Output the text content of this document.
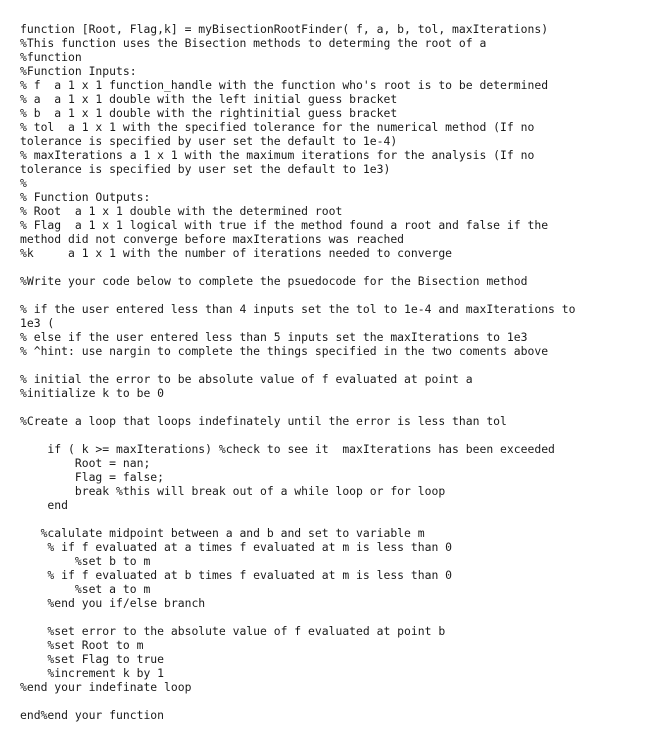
function [Root, Flag,k] = myBisectionRootFinder( f, a, b, tol, maxIterations)
%This function uses the Bisection methods to determing the root of a
%function
%Function Inputs:
% f  a 1 x 1 function_handle with the function who's root is to be determined
% a  a 1 x 1 double with the left initial guess bracket
% b  a 1 x 1 double with the rightinitial guess bracket
% tol  a 1 x 1 with the specified tolerance for the numerical method (If no
tolerance is specified by user set the default to 1e-4)
% maxIterations a 1 x 1 with the maximum iterations for the analysis (If no
tolerance is specified by user set the default to 1e3)
%
% Function Outputs:
% Root  a 1 x 1 double with the determined root
% Flag  a 1 x 1 logical with true if the method found a root and false if the
method did not converge before maxIterations was reached
%k     a 1 x 1 with the number of iterations needed to converge
%Write your code below to complete the psuedocode for the Bisection method
% if the user entered less than 4 inputs set the tol to 1e-4 and maxIterations to
1e3 (
% else if the user entered less than 5 inputs set the maxIterations to 1e3
% ^hint: use nargin to complete the things specified in the two coments above
% initial the error to be absolute value of f evaluated at point a
%initialize k to be 0
%Create a loop that loops indefinately until the error is less than tol
if ( k >= maxIterations) %check to see it  maxIterations has been exceeded
Root = nan;
Flag = false;
break %this will break out of a while loop or for loop
end
%calulate midpoint between a and b and set to variable m
% if f evaluated at a times f evaluated at m is less than 0
%set b to m
% if f evaluated at b times f evaluated at m is less than 0
%set a to m
%end you if/else branch
%set error to the absolute value of f evaluated at point b
%set Root to m
%set Flag to true
%increment k by 1
%end your indefinate loop
end%end your function
